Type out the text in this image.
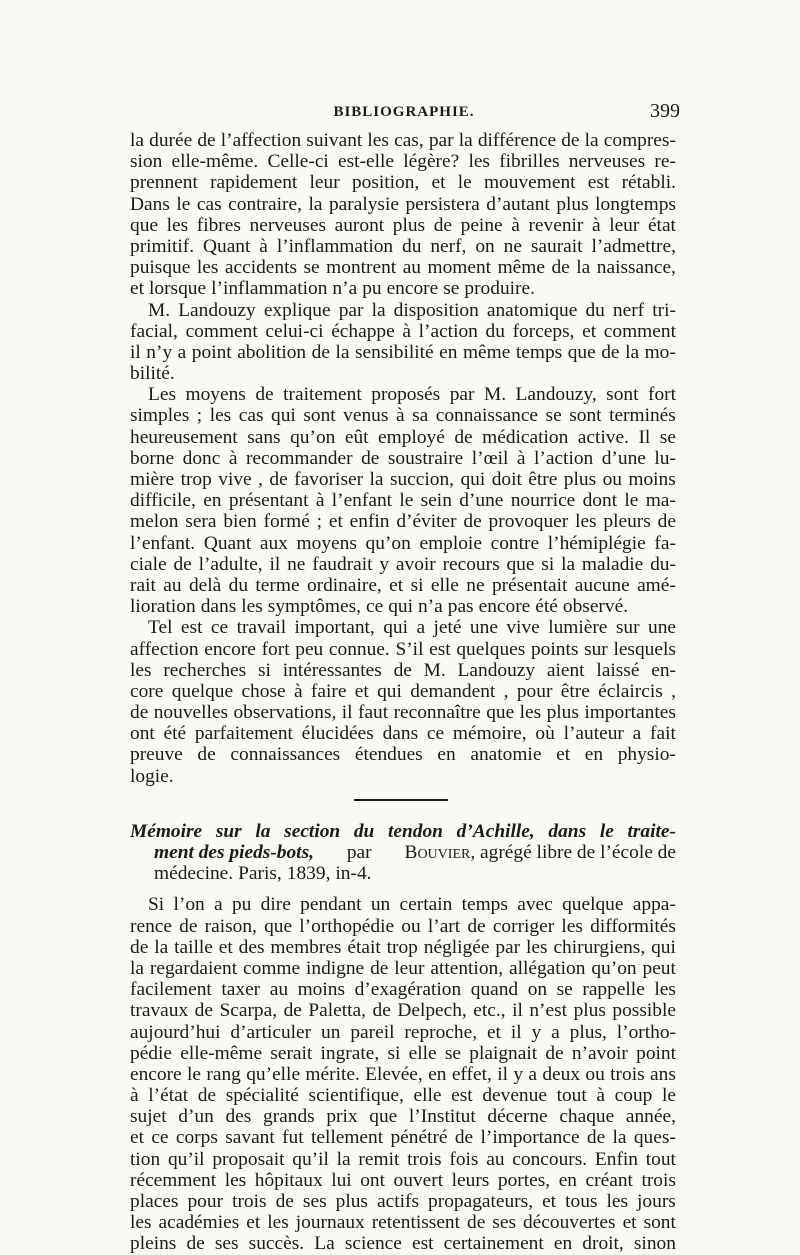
BIBLIOGRAPHIE.	399
la durée de l’affection suivant les cas, par la différence de la compres-
sion elle-même. Celle-ci est-elle légère? les fibrilles nerveuses re-
prennent rapidement leur position, et le mouvement est rétabli.
Dans le cas contraire, la paralysie persistera d’autant plus longtemps
que les fibres nerveuses auront plus de peine à revenir à leur état
primitif. Quant à l’inflammation du nerf, on ne saurait l’admettre,
puisque les accidents se montrent au moment même de la naissance,
et lorsque l’inflammation n’a pu encore se produire.
M. Landouzy explique par la disposition anatomique du nerf tri-
facial, comment celui-ci échappe à l’action du forceps, et comment
il n’y a point abolition de la sensibilité en même temps que de la mo-
bilité.
Les moyens de traitement proposés par M. Landouzy, sont fort
simples ; les cas qui sont venus à sa connaissance se sont terminés
heureusement sans qu’on eût employé de médication active. Il se
borne donc à recommander de soustraire l’œil à l’action d’une lu-
mière trop vive , de favoriser la succion, qui doit être plus ou moins
difficile, en présentant à l’enfant le sein d’une nourrice dont le ma-
melon sera bien formé ; et enfin d’éviter de provoquer les pleurs de
l’enfant. Quant aux moyens qu’on emploie contre l’hémiplégie fa-
ciale de l’adulte, il ne faudrait y avoir recours que si la maladie du-
rait au delà du terme ordinaire, et si elle ne présentait aucune amé-
lioration dans les symptômes, ce qui n’a pas encore été observé.
Tel est ce travail important, qui a jeté une vive lumière sur une
affection encore fort peu connue. S’il est quelques points sur lesquels
les recherches si intéressantes de M. Landouzy aient laissé en-
core quelque chose à faire et qui demandent , pour être éclaircis ,
de nouvelles observations, il faut reconnaître que les plus importantes
ont été parfaitement élucidées dans ce mémoire, où l’auteur a fait
preuve de connaissances étendues en anatomie et en physio-
logie.
Mémoire sur la section du tendon d’Achille, dans le traite-
ment des pieds-bots, par Bouvier, agrégé libre de l’école de
médecine. Paris, 1839, in-4.
Si l’on a pu dire pendant un certain temps avec quelque appa-
rence de raison, que l’orthopédie ou l’art de corriger les difformités
de la taille et des membres était trop négligée par les chirurgiens, qui
la regardaient comme indigne de leur attention, allégation qu’on peut
facilement taxer au moins d’exagération quand on se rappelle les
travaux de Scarpa, de Paletta, de Delpech, etc., il n’est plus possible
aujourd’hui d’articuler un pareil reproche, et il y a plus, l’ortho-
pédie elle-même serait ingrate, si elle se plaignait de n’avoir point
encore le rang qu’elle mérite. Elevée, en effet, il y a deux ou trois ans
à l’état de spécialité scientifique, elle est devenue tout à coup le
sujet d’un des grands prix que l’Institut décerne chaque année,
et ce corps savant fut tellement pénétré de l’importance de la ques-
tion qu’il proposait qu’il la remit trois fois au concours. Enfin tout
récemment les hôpitaux lui ont ouvert leurs portes, en créant trois
places pour trois de ses plus actifs propagateurs, et tous les jours
les académies et les journaux retentissent de ses découvertes et sont
pleins de ses succès. La science est certainement en droit, sinon
